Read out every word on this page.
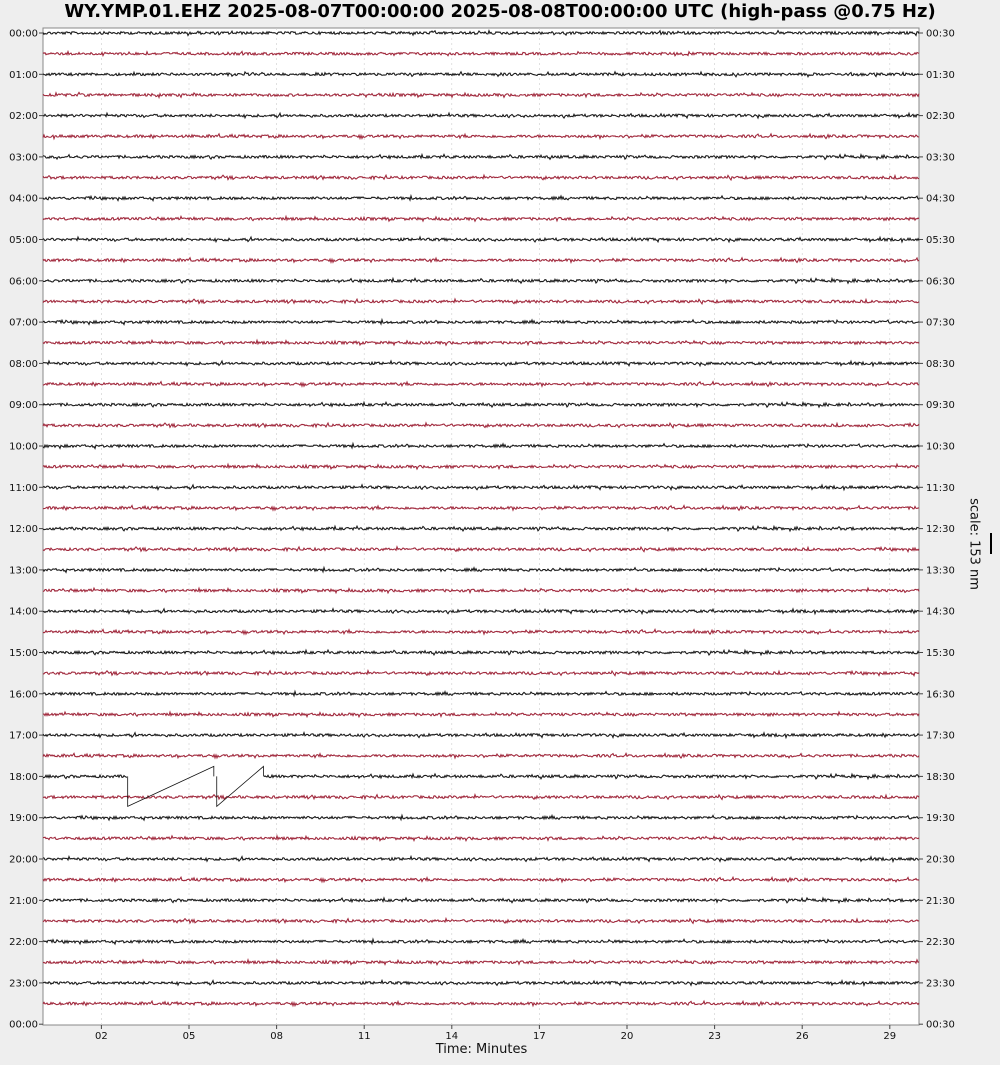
WY.YMP.01.EHZ 2025-08-07T00:00:00 2025-08-08T00:00:00 UTC (high-pass @0.75 Hz)
00:00
01:00
02:00
03:00
04:00
05:00
06:00
07:00
08:00
09:00
10:00
11:00
12:00
13:00
14:00
15:00
16:00
17:00
18:00
19:00
20:00
21:00
22:00
23:00
00:00
00:30
01:30
02:30
03:30
04:30
05:30
06:30
07:30
08:30
09:30
10:30
11:30
12:30
13:30
14:30
15:30
16:30
17:30
18:30
19:30
20:30
21:30
22:30
23:30
00:30
02	05	08	11	14	17	20	23	26	29
Time: Minutes
scale: 153 nm
